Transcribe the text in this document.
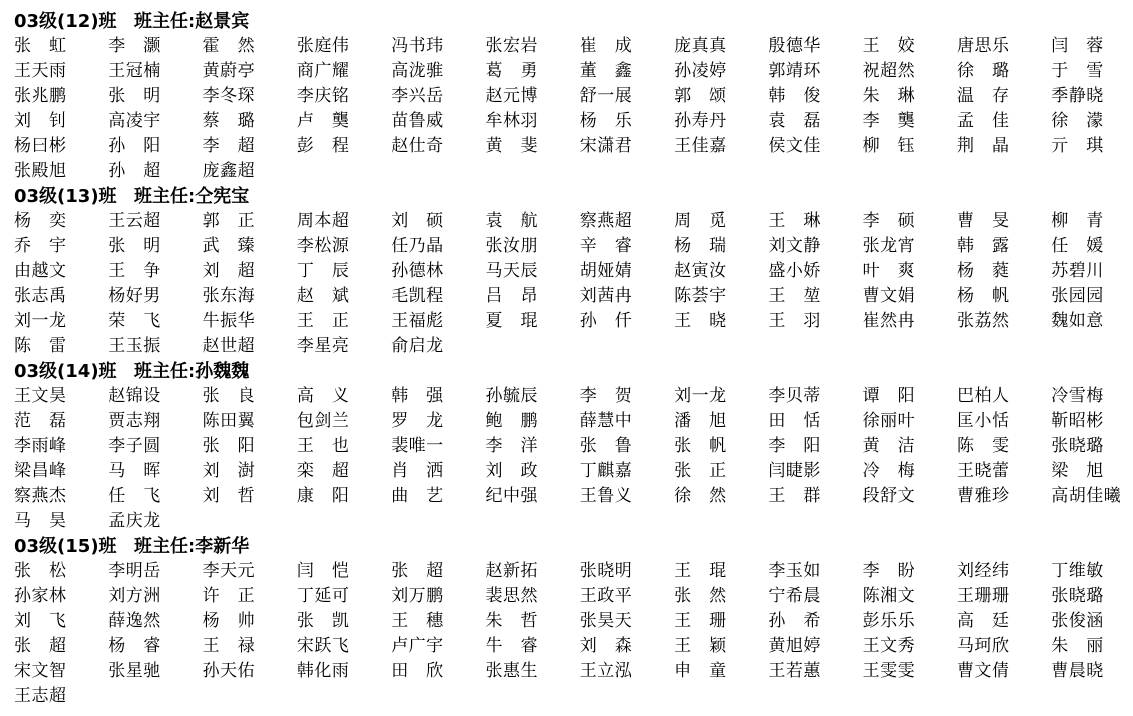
03级(12)班 班主任:赵景宾
张　虹	李　灏	霍　然	张庭伟	冯书玮	张宏岩	崔　成	庞真真	殷德华	王　姣	唐思乐	闫　蓉
王天雨	王冠楠	黄蔚亭	商广耀	高泷骓	葛　勇	董　鑫	孙凌婷	郭靖环	祝超然	徐　璐	于　雪
张兆鹏	张　明	李冬琛	李庆铭	李兴岳	赵元博	舒一展	郭　颂	韩　俊	朱　琳	温　存	季静晓
刘　钊	高凌宇	蔡　璐	卢　龑	苗鲁威	牟林羽	杨　乐	孙寿丹	袁　磊	李　龑	孟　佳	徐　濛
杨曰彬	孙　阳	李　超	彭　程	赵仕奇	黄　斐	宋潇君	王佳嘉	侯文佳	柳　钰	荆　晶	亓　琪
张殿旭	孙　超	庞鑫超
03级(13)班 班主任:仝宪宝
杨　奕	王云超	郭　正	周本超	刘　硕	袁　航	察燕超	周　觅	王　琳	李　硕	曹　旻	柳　青
乔　宇	张　明	武　臻	李松源	任乃晶	张汝朋	辛　睿	杨　瑞	刘文静	张龙宵	韩　露	任　媛
由越文	王　争	刘　超	丁　辰	孙德林	马天辰	胡娅婧	赵寅汝	盛小娇	叶　爽	杨　蕤	苏碧川
张志禹	杨好男	张东海	赵　斌	毛凯程	吕　昂	刘茜冉	陈荟宇	王　堃	曹文娟	杨　帆	张园园
刘一龙	荣　飞	牛振华	王　正	王福彪	夏　琨	孙　仟	王　晓	王　羽	崔然冉	张荔然	魏如意
陈　雷	王玉振	赵世超	李星亮	俞启龙
03级(14)班 班主任:孙魏魏
王文昊	赵锦设	张　良	高　义	韩　强	孙毓辰	李　贺	刘一龙	李贝蒂	谭　阳	巴柏人	冷雪梅
范　磊	贾志翔	陈田翼	包剑兰	罗　龙	鲍　鹏	薛慧中	潘　旭	田　恬	徐丽叶	匡小恬	靳昭彬
李雨峰	李子圆	张　阳	王　也	裴唯一	李　洋	张　鲁	张　帆	李　阳	黄　洁	陈　雯	张晓璐
梁昌峰	马　晖	刘　澍	栾　超	肖　洒	刘　政	丁麒嘉	张　正	闫睫影	冷　梅	王晓蕾	梁　旭
察燕杰	任　飞	刘　哲	康　阳	曲　艺	纪中强	王鲁义	徐　然	王　群	段舒文	曹雅珍	高胡佳曦
马　昊	孟庆龙
03级(15)班 班主任:李新华
张　松	李明岳	李天元	闫　恺	张　超	赵新拓	张晓明	王　琨	李玉如	李　盼	刘经纬	丁维敏
孙家林	刘方洲	许　正	丁延可	刘万鹏	裴思然	王政平	张　然	宁希晨	陈湘文	王珊珊	张晓璐
刘　飞	薛逸然	杨　帅	张　凯	王　穗	朱　哲	张昊天	王　珊	孙　希	彭乐乐	高　廷	张俊涵
张　超	杨　睿	王　禄	宋跃飞	卢广宇	牛　睿	刘　森	王　颖	黄旭婷	王文秀	马珂欣	朱　丽
宋文智	张星驰	孙天佑	韩化雨	田　欣	张惠生	王立泓	申　童	王若蕙	王雯雯	曹文倩	曹晨晓
王志超
